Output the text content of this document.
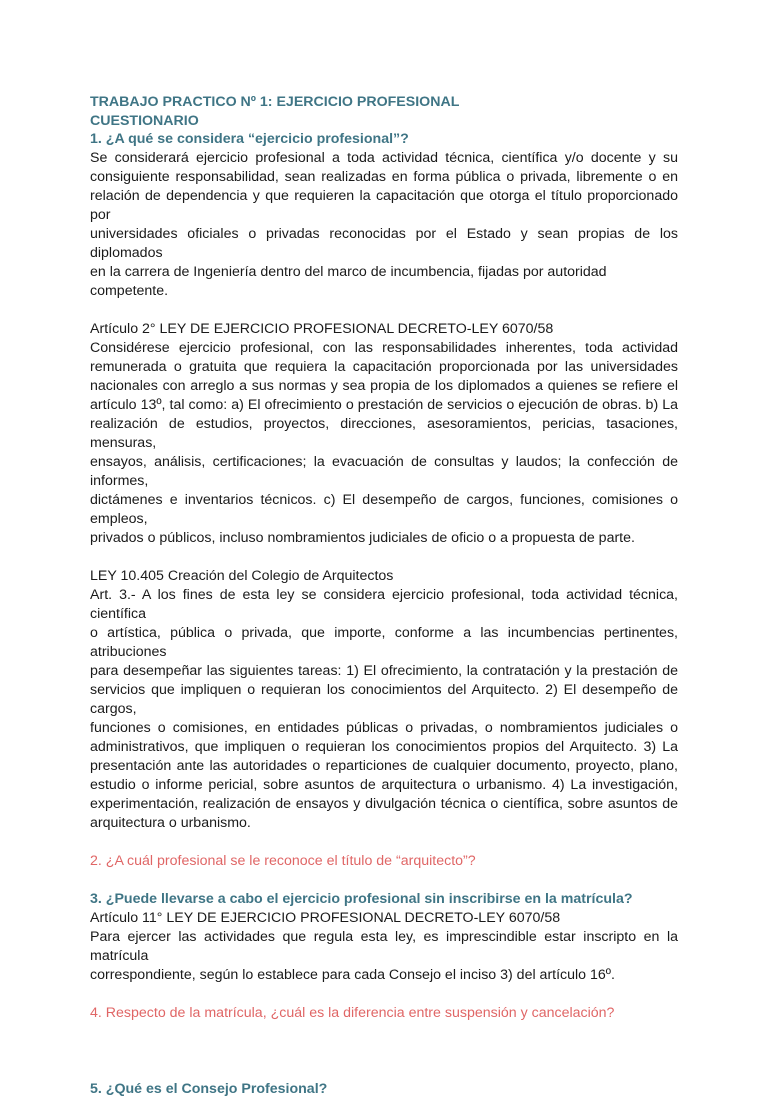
TRABAJO PRACTICO Nº 1: EJERCICIO PROFESIONAL

CUESTIONARIO

1. ¿A qué se considera “ejercicio profesional”?

Se considerará ejercicio profesional a toda actividad técnica, científica y/o docente y su
consiguiente responsabilidad, sean realizadas en forma pública o privada, libremente o en
relación de dependencia y que requieren la capacitación que otorga el título proporcionado por
universidades oficiales o privadas reconocidas por el Estado y sean propias de los diplomados
en la carrera de Ingeniería dentro del marco de incumbencia, fijadas por autoridad competente.

Artículo 2° LEY DE EJERCICIO PROFESIONAL DECRETO-LEY 6070/58

Considérese ejercicio profesional, con las responsabilidades inherentes, toda actividad
remunerada o gratuita que requiera la capacitación proporcionada por las universidades
nacionales con arreglo a sus normas y sea propia de los diplomados a quienes se refiere el
artículo 13º, tal como: a) El ofrecimiento o prestación de servicios o ejecución de obras. b) La
realización de estudios, proyectos, direcciones, asesoramientos, pericias, tasaciones, mensuras,
ensayos, análisis, certificaciones; la evacuación de consultas y laudos; la confección de informes,
dictámenes e inventarios técnicos. c) El desempeño de cargos, funciones, comisiones o empleos,
privados o públicos, incluso nombramientos judiciales de oficio o a propuesta de parte.

LEY 10.405 Creación del Colegio de Arquitectos

Art. 3.- A los fines de esta ley se considera ejercicio profesional, toda actividad técnica, científica
o artística, pública o privada, que importe, conforme a las incumbencias pertinentes, atribuciones
para desempeñar las siguientes tareas: 1) El ofrecimiento, la contratación y la prestación de
servicios que impliquen o requieran los conocimientos del Arquitecto. 2) El desempeño de cargos,
funciones o comisiones, en entidades públicas o privadas, o nombramientos judiciales o
administrativos, que impliquen o requieran los conocimientos propios del Arquitecto. 3) La
presentación ante las autoridades o reparticiones de cualquier documento, proyecto, plano,
estudio o informe pericial, sobre asuntos de arquitectura o urbanismo. 4) La investigación,
experimentación, realización de ensayos y divulgación técnica o científica, sobre asuntos de
arquitectura o urbanismo.

2. ¿A cuál profesional se le reconoce el título de “arquitecto”?

3. ¿Puede llevarse a cabo el ejercicio profesional sin inscribirse en la matrícula?

Artículo 11° LEY DE EJERCICIO PROFESIONAL DECRETO-LEY 6070/58

Para ejercer las actividades que regula esta ley, es imprescindible estar inscripto en la matrícula
correspondiente, según lo establece para cada Consejo el inciso 3) del artículo 16º.

4. Respecto de la matrícula, ¿cuál es la diferencia entre suspensión y cancelación?

5. ¿Qué es el Consejo Profesional?
